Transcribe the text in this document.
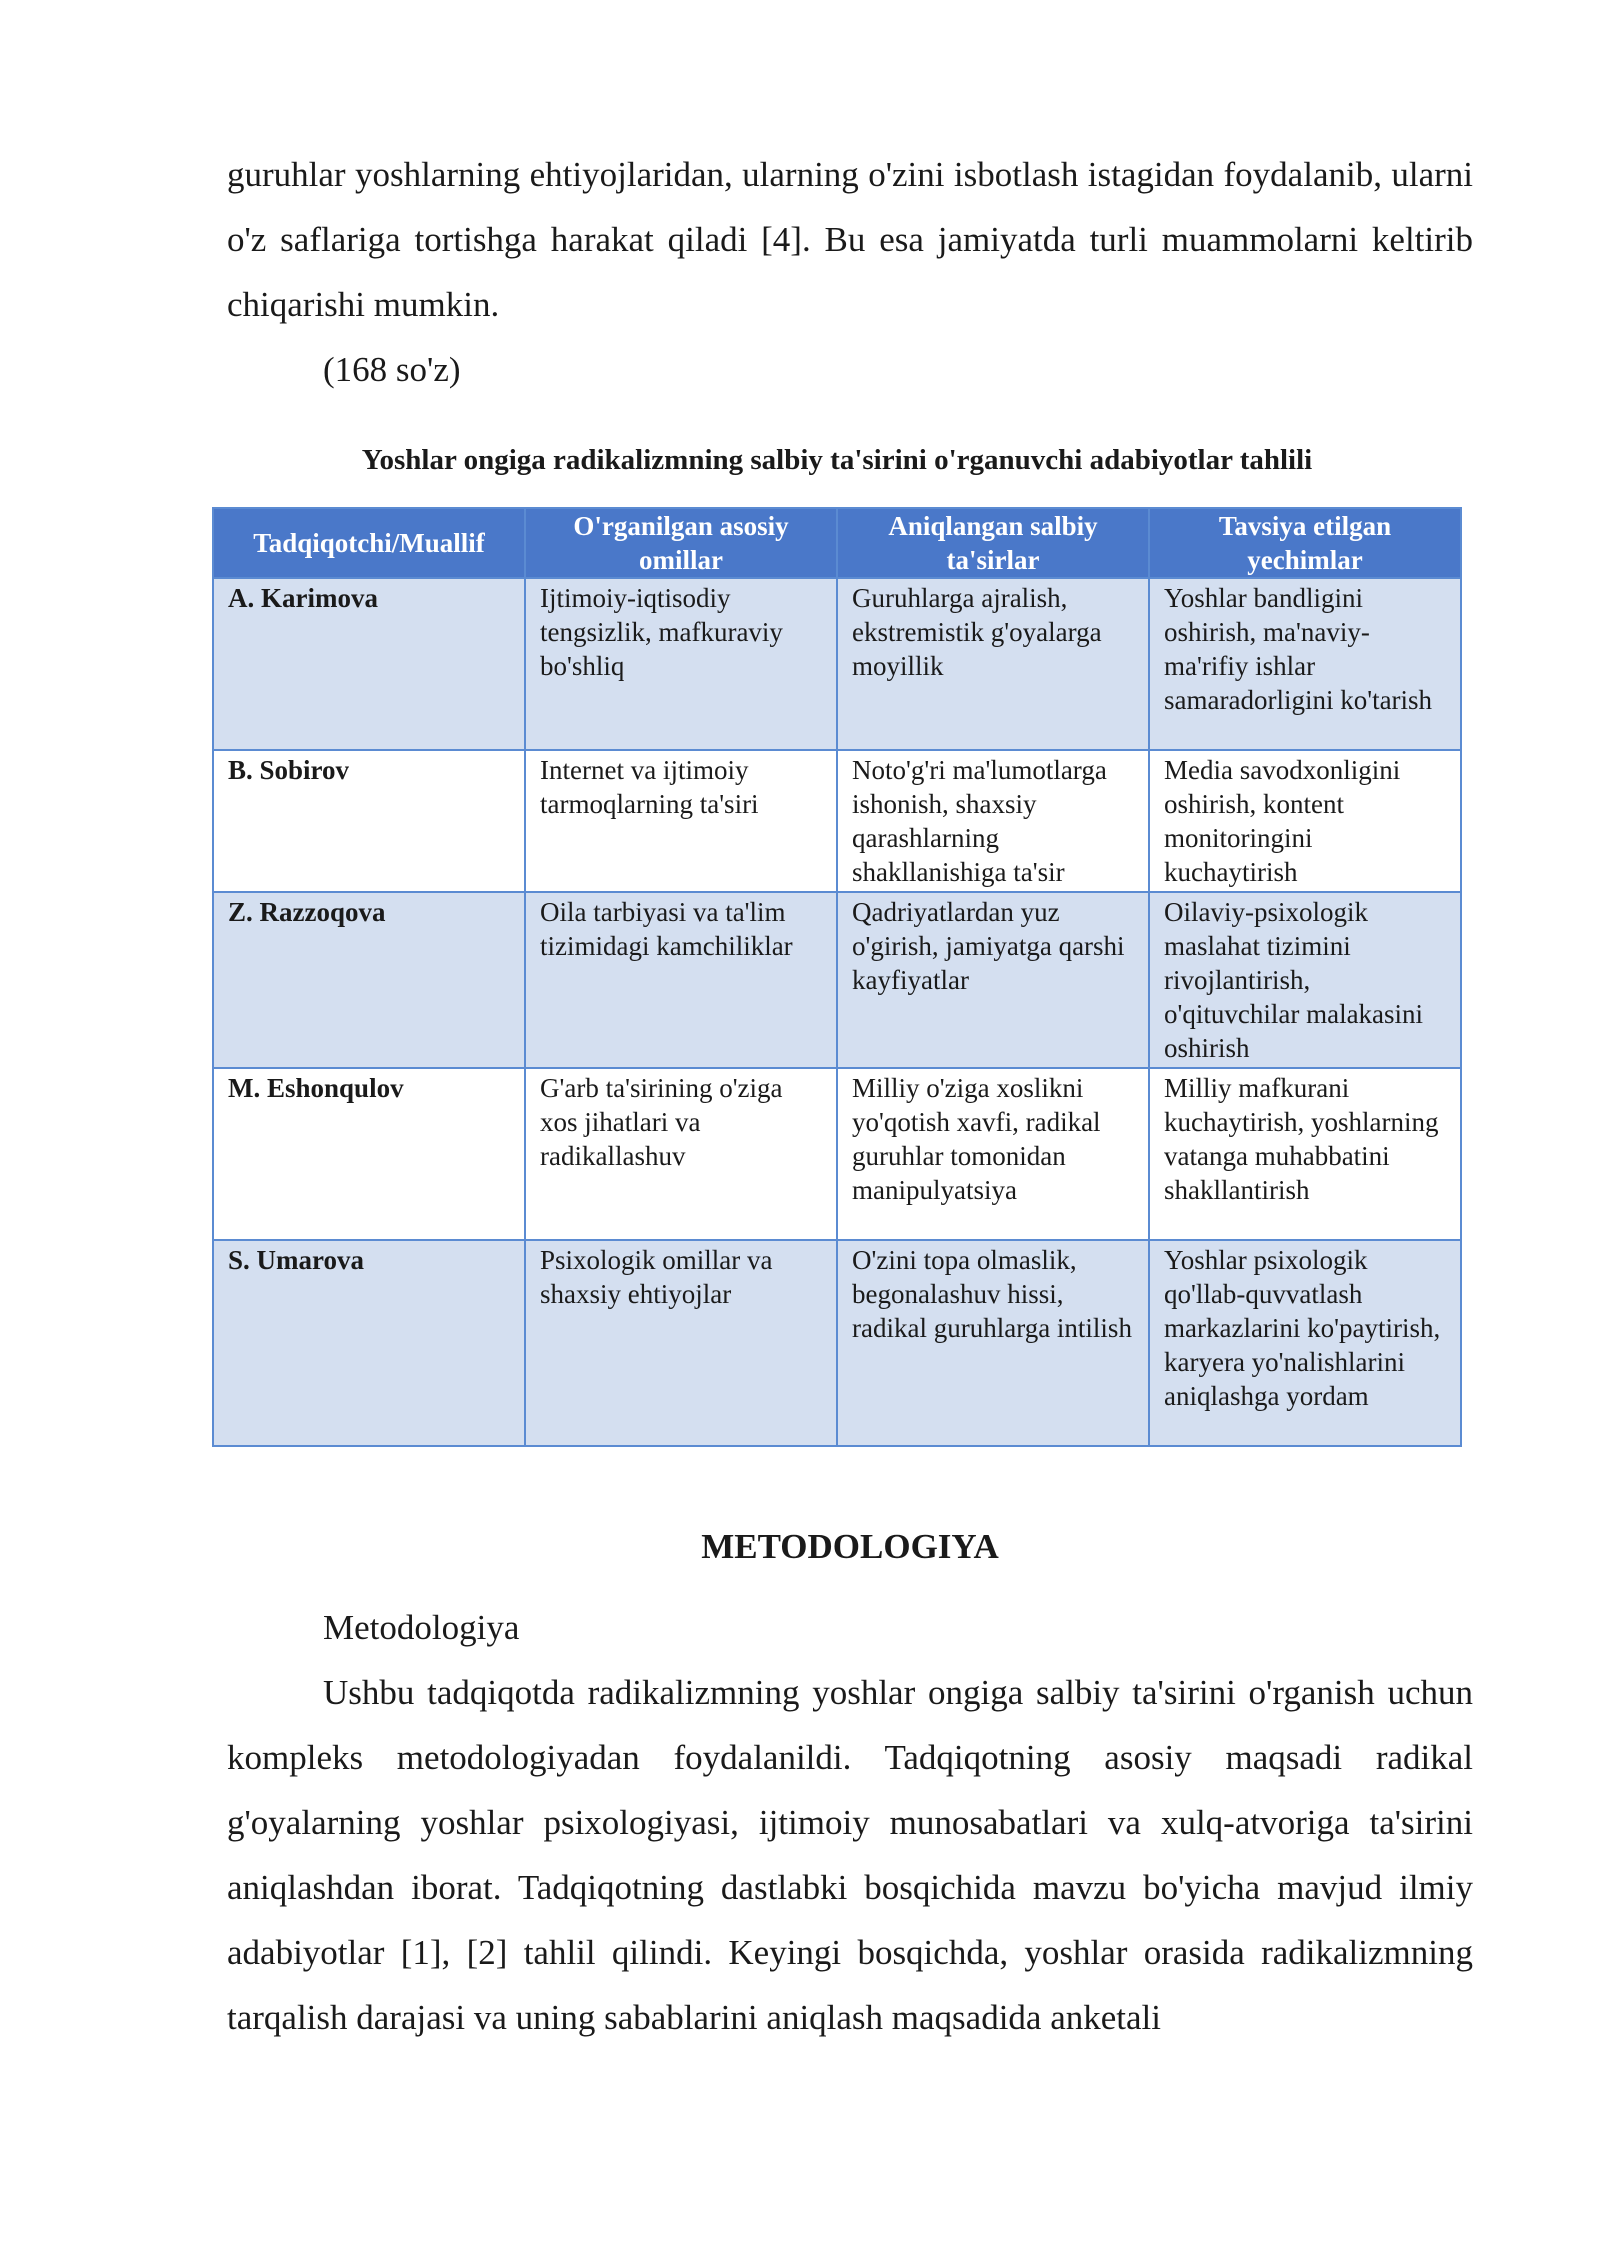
guruhlar yoshlarning ehtiyojlaridan, ularning o'zini isbotlash istagidan foydalanib, ularni o'z saflariga tortishga harakat qiladi [4]. Bu esa jamiyatda turli muammolarni keltirib chiqarishi mumkin.

(168 so'z)
Yoshlar ongiga radikalizmning salbiy ta'sirini o'rganuvchi adabiyotlar tahlili
Tadqiqotchi/Muallif	O'rganilgan asosiy omillar	Aniqlangan salbiy ta'sirlar	Tavsiya etilgan yechimlar
A. Karimova	Ijtimoiy-iqtisodiy tengsizlik, mafkuraviy bo'shliq	Guruhlarga ajralish, ekstremistik g'oyalarga moyillik	Yoshlar bandligini oshirish, ma'naviy-ma'rifiy ishlar samaradorligini ko'tarish
B. Sobirov	Internet va ijtimoiy tarmoqlarning ta'siri	Noto'g'ri ma'lumotlarga ishonish, shaxsiy qarashlarning shakllanishiga ta'sir	Media savodxonligini oshirish, kontent monitoringini kuchaytirish
Z. Razzoqova	Oila tarbiyasi va ta'lim tizimidagi kamchiliklar	Qadriyatlardan yuz o'girish, jamiyatga qarshi kayfiyatlar	Oilaviy-psixologik maslahat tizimini rivojlantirish, o'qituvchilar malakasini oshirish
M. Eshonqulov	G'arb ta'sirining o'ziga xos jihatlari va radikallashuv	Milliy o'ziga xoslikni yo'qotish xavfi, radikal guruhlar tomonidan manipulyatsiya	Milliy mafkurani kuchaytirish, yoshlarning vatanga muhabbatini shakllantirish
S. Umarova	Psixologik omillar va shaxsiy ehtiyojlar	O'zini topa olmaslik, begonalashuv hissi, radikal guruhlarga intilish	Yoshlar psixologik qo'llab-quvvatlash markazlarini ko'paytirish, karyera yo'nalishlarini aniqlashga yordam
METODOLOGIYA
Metodologiya

Ushbu tadqiqotda radikalizmning yoshlar ongiga salbiy ta'sirini o'rganish uchun kompleks metodologiyadan foydalanildi. Tadqiqotning asosiy maqsadi radikal g'oyalarning yoshlar psixologiyasi, ijtimoiy munosabatlari va xulq-atvoriga ta'sirini aniqlashdan iborat. Tadqiqotning dastlabki bosqichida mavzu bo'yicha mavjud ilmiy adabiyotlar [1], [2] tahlil qilindi. Keyingi bosqichda, yoshlar orasida radikalizmning tarqalish darajasi va uning sabablarini aniqlash maqsadida anketali
